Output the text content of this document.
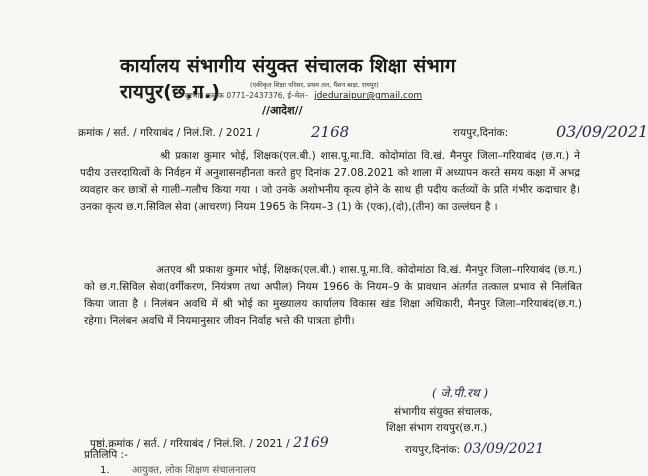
कार्यालय संभागीय संयुक्त संचालक शिक्षा संभाग रायपुर(छ.ग.)	(एकीकृत शिक्षा परिसर, प्रथम तल, पैंशन बाड़ा, रायपुर)
दूरभाष क्रमांक 0771–2437376, ई–मेल– jdeduraipur@gmail.com
//आदेश//
क्रमांक / सर्त. / गरियाबंद / निलं.शि. / 2021 /	2168	रायपुर,दिनांक:	03/09/2021
श्री प्रकाश कुमार भोई, शिक्षक(एल.बी.) शास.पू.मा.वि. कोदोमांठा वि.खं. मैनपुर जिला–गरियाबंद (छ.ग.) ने पदीय उत्तरदायित्वों के निर्वहन में अनुशासनहीनता करते हुए दिनांक 27.08.2021 को शाला में अध्यापन करते समय कक्षा में अभद्र व्यवहार कर छात्रों से गाली–गलौच किया गया । जो उनके अशोभनीय कृत्य होने के साथ ही पदीय कर्तव्यों के प्रति गंभीर कदाचार है। उनका कृत्य छ.ग.सिविल सेवा (आचरण) नियम 1965 के नियम–3 (1) के (एक),(दो),(तीन) का उल्लंघन है ।
अतएव श्री प्रकाश कुमार भोई, शिक्षक(एल.बी.) शास.पू.मा.वि. कोदोमांठा वि.खं. मैनपुर जिला–गरियाबंद (छ.ग.) को छ.ग.सिविल सेवा(वर्गीकरण, नियंत्रण तथा अपील) नियम 1966 के नियम–9 के प्रावधान अंतर्गत तत्काल प्रभाव से निलंबित किया जाता है । निलंबन अवधि में श्री भोई का मुख्यालय कार्यालय विकास खंड शिक्षा अधिकारी, मैनपुर जिला–गरियाबंद(छ.ग.) रहेगा। निलंबन अवधि में नियमानुसार जीवन निर्वाह भत्ते की पात्रता होगी।
( जे.पी.रथ )
संभागीय संयुक्त संचालक,
शिक्षा संभाग रायपुर(छ.ग.)
रायपुर,दिनांक: 03/09/2021
पृष्ठां.क्रमांक / सर्त. / गरियाबंद / निलं.शि. / 2021 / 2169
प्रतिलिपि :-
1. आयुक्त, लोक शिक्षण संचालनालय
